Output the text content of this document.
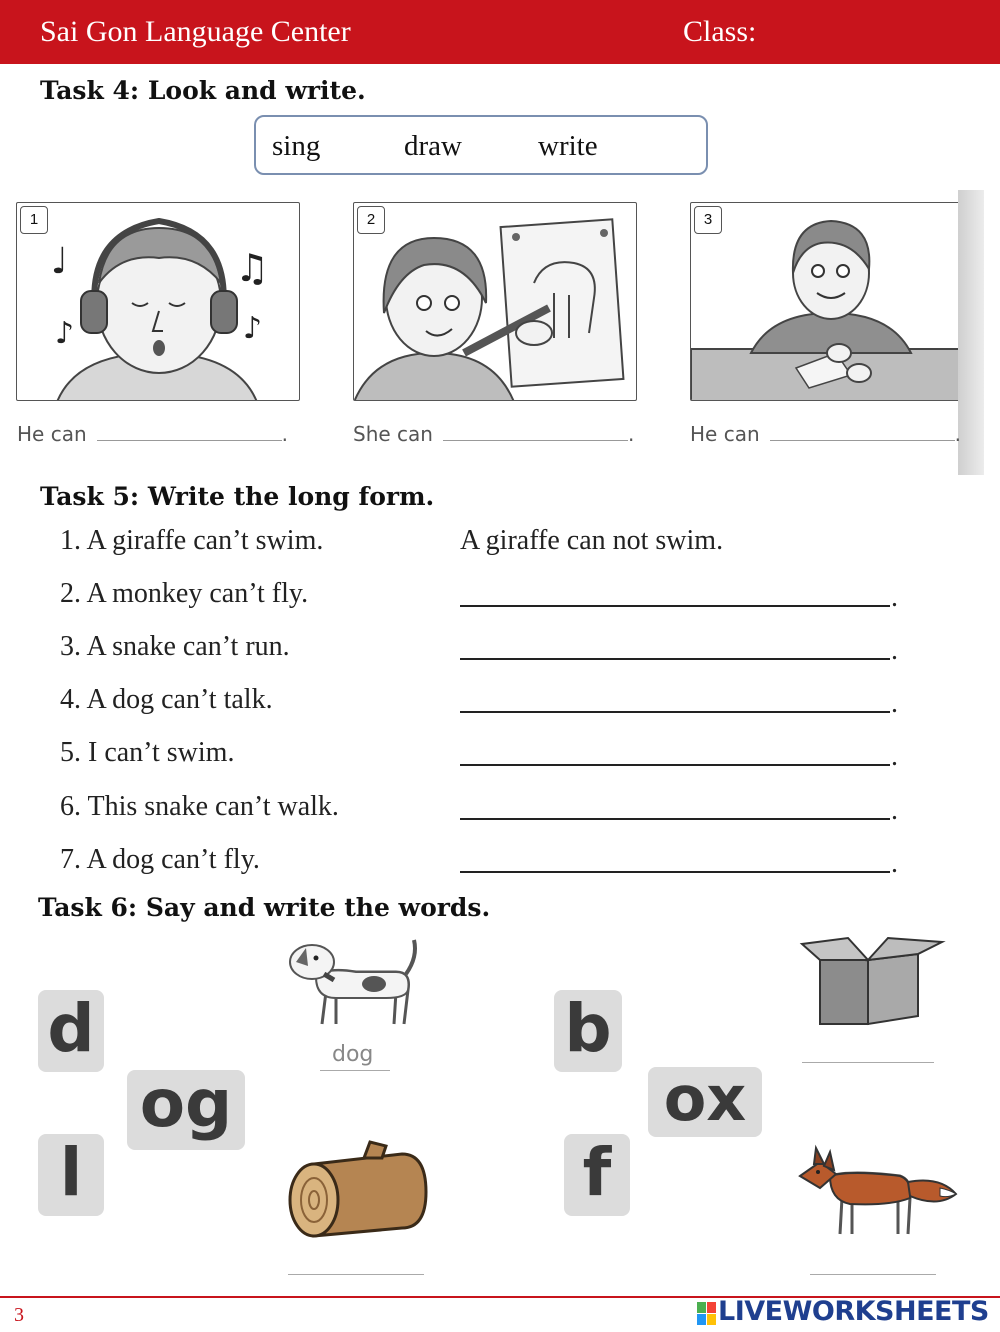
Sai Gon Language Center	Class:
Task 4: Look and write.
sing	draw	write
1
♩	♫
♪
♪
2	3
He can	.	She can	.	He can	.
Task 5: Write the long form.
1. A giraffe can’t swim.	A giraffe can not swim.
2. A monkey can’t fly.	.
3. A snake can’t run.	.
4. A dog can’t talk.	.
5. I can’t swim.	.
6. This snake can’t walk.	.
7. A dog can’t fly.	.
Task 6: Say and write the words.
d
og
l
dog	b
ox
f
3	LIVEWORKSHEETS
